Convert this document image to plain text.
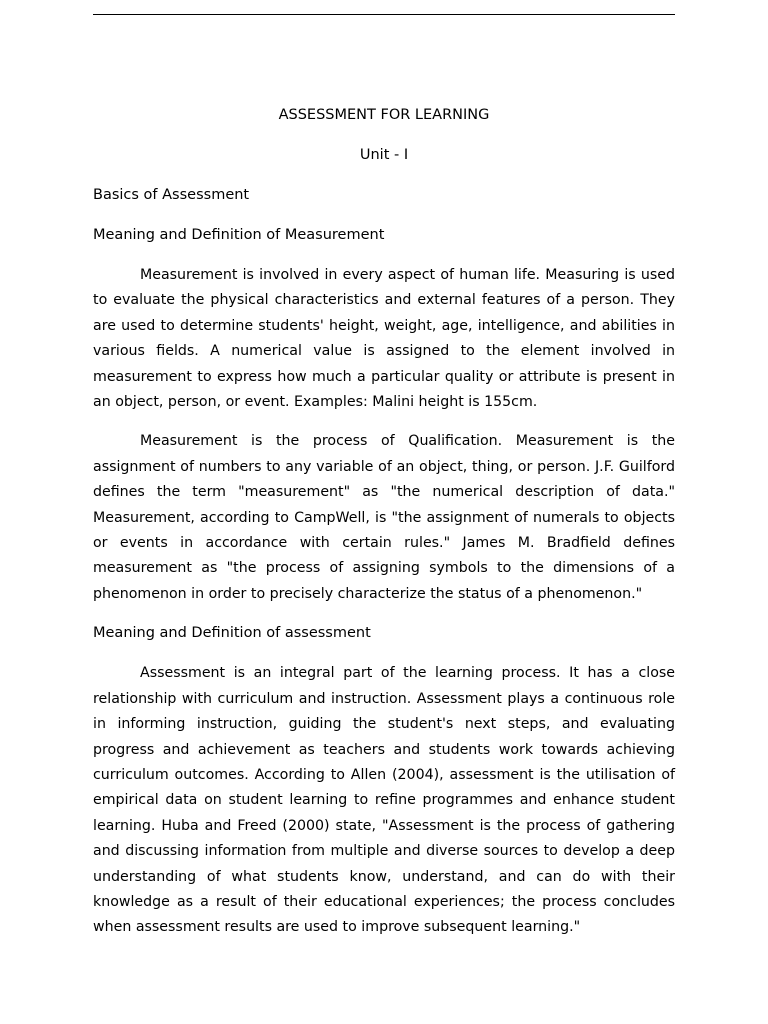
ASSESSMENT FOR LEARNING
Unit - I
Basics of Assessment
Meaning and Definition of Measurement

Measurement is involved in every aspect of human life. Measuring is used to evaluate the physical characteristics and external features of a person. They are used to determine students' height, weight, age, intelligence, and abilities in various fields. A numerical value is assigned to the element involved in measurement to express how much a particular quality or attribute is present in an object, person, or event. Examples: Malini height is 155cm.

Measurement is the process of Qualification. Measurement is the assignment of numbers to any variable of an object, thing, or person. J.F. Guilford defines the term "measurement" as "the numerical description of data." Measurement, according to CampWell, is "the assignment of numerals to objects or events in accordance with certain rules." James M. Bradfield defines measurement as "the process of assigning symbols to the dimensions of a phenomenon in order to precisely characterize the status of a phenomenon."

Meaning and Definition of assessment

Assessment is an integral part of the learning process. It has a close relationship with curriculum and instruction. Assessment plays a continuous role in informing instruction, guiding the student's next steps, and evaluating progress and achievement as teachers and students work towards achieving curriculum outcomes. According to Allen (2004), assessment is the utilisation of empirical data on student learning to refine programmes and enhance student learning. Huba and Freed (2000) state, "Assessment is the process of gathering and discussing information from multiple and diverse sources to develop a deep understanding of what students know, understand, and can do with their knowledge as a result of their educational experiences; the process concludes when assessment results are used to improve subsequent learning."
